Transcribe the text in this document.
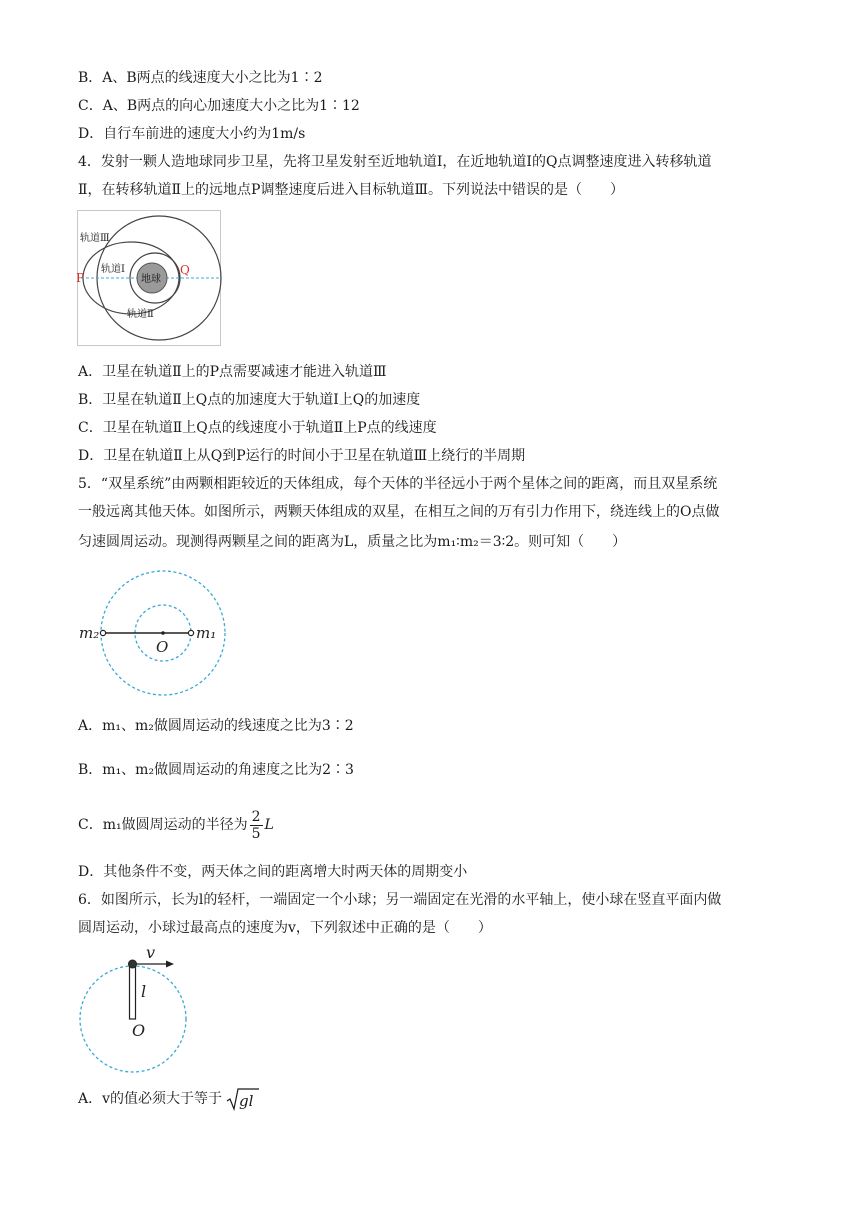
B．A、B两点的线速度大小之比为1∶2
C．A、B两点的向心加速度大小之比为1∶12
D．自行车前进的速度大小约为1m/s
4．发射一颗人造地球同步卫星，先将卫星发射至近地轨道Ⅰ，在近地轨道I的Q点调整速度进入转移轨道
Ⅱ，在转移轨道Ⅱ上的远地点P调整速度后进入目标轨道Ⅲ。下列说法中错误的是（　　）
地球
轨道Ⅲ
轨道Ⅰ
轨道Ⅱ
P
Q
A．卫星在轨道Ⅱ上的P点需要减速才能进入轨道Ⅲ
B．卫星在轨道Ⅱ上Q点的加速度大于轨道Ⅰ上Q的加速度
C．卫星在轨道Ⅱ上Q点的线速度小于轨道Ⅱ上P点的线速度
D．卫星在轨道Ⅱ上从Q到P运行的时间小于卫星在轨道Ⅲ上绕行的半周期
5．“双星系统”由两颗相距较近的天体组成，每个天体的半径远小于两个星体之间的距离，而且双星系统
一般远离其他天体。如图所示，两颗天体组成的双星，在相互之间的万有引力作用下，绕连线上的O点做
匀速圆周运动。现测得两颗星之间的距离为L，质量之比为m₁∶m₂＝3∶2。则可知（　　）
m₂	m₁
O
A．m₁、m₂做圆周运动的线速度之比为3∶2
B．m₁、m₂做圆周运动的角速度之比为2∶3
C．m₁做圆周运动的半径为 $\frac{2}{5}$ L
D．其他条件不变，两天体之间的距离增大时两天体的周期变小
6．如图所示，长为l的轻杆，一端固定一个小球；另一端固定在光滑的水平轴上，使小球在竖直平面内做
圆周运动，小球过最高点的速度为v，下列叙述中正确的是（　　）
v
l
O
A．v的值必须大于等于 gl
